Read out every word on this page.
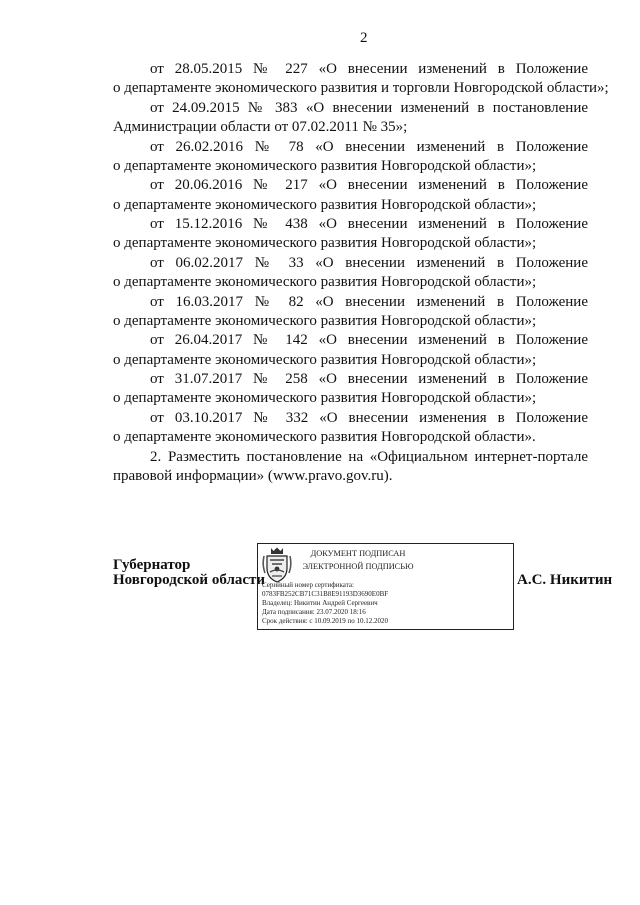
2
от 28.05.2015 № 227 «О внесении изменений в Положение
о департаменте экономического развития и торговли Новгородской области»;
от 24.09.2015 № 383 «О внесении изменений в постановление
Администрации области от 07.02.2011 № 35»;
от 26.02.2016 № 78 «О внесении изменений в Положение
о департаменте экономического развития Новгородской области»;
от 20.06.2016 № 217 «О внесении изменений в Положение
о департаменте экономического развития Новгородской области»;
от 15.12.2016 № 438 «О внесении изменений в Положение
о департаменте экономического развития Новгородской области»;
от 06.02.2017 № 33 «О внесении изменений в Положение
о департаменте экономического развития Новгородской области»;
от 16.03.2017 № 82 «О внесении изменений в Положение
о департаменте экономического развития Новгородской области»;
от 26.04.2017 № 142 «О внесении изменений в Положение
о департаменте экономического развития Новгородской области»;
от 31.07.2017 № 258 «О внесении изменений в Положение
о департаменте экономического развития Новгородской области»;
от 03.10.2017 № 332 «О внесении изменения в Положение
о департаменте экономического развития Новгородской области».
2. Разместить постановление на «Официальном интернет-портале
правовой информации» (www.pravo.gov.ru).
Губернатор
Новгородской области
ДОКУМЕНТ ПОДПИСАН
ЭЛЕКТРОННОЙ ПОДПИСЬЮ
Серийный номер сертификата:
0783FB252CB71C31B8E91193D3690E0BF
Владелец: Никитин Андрей Сергеевич
Дата подписания: 23.07.2020 18:16
Срок действия: с 10.09.2019 по 10.12.2020
А.С. Никитин
